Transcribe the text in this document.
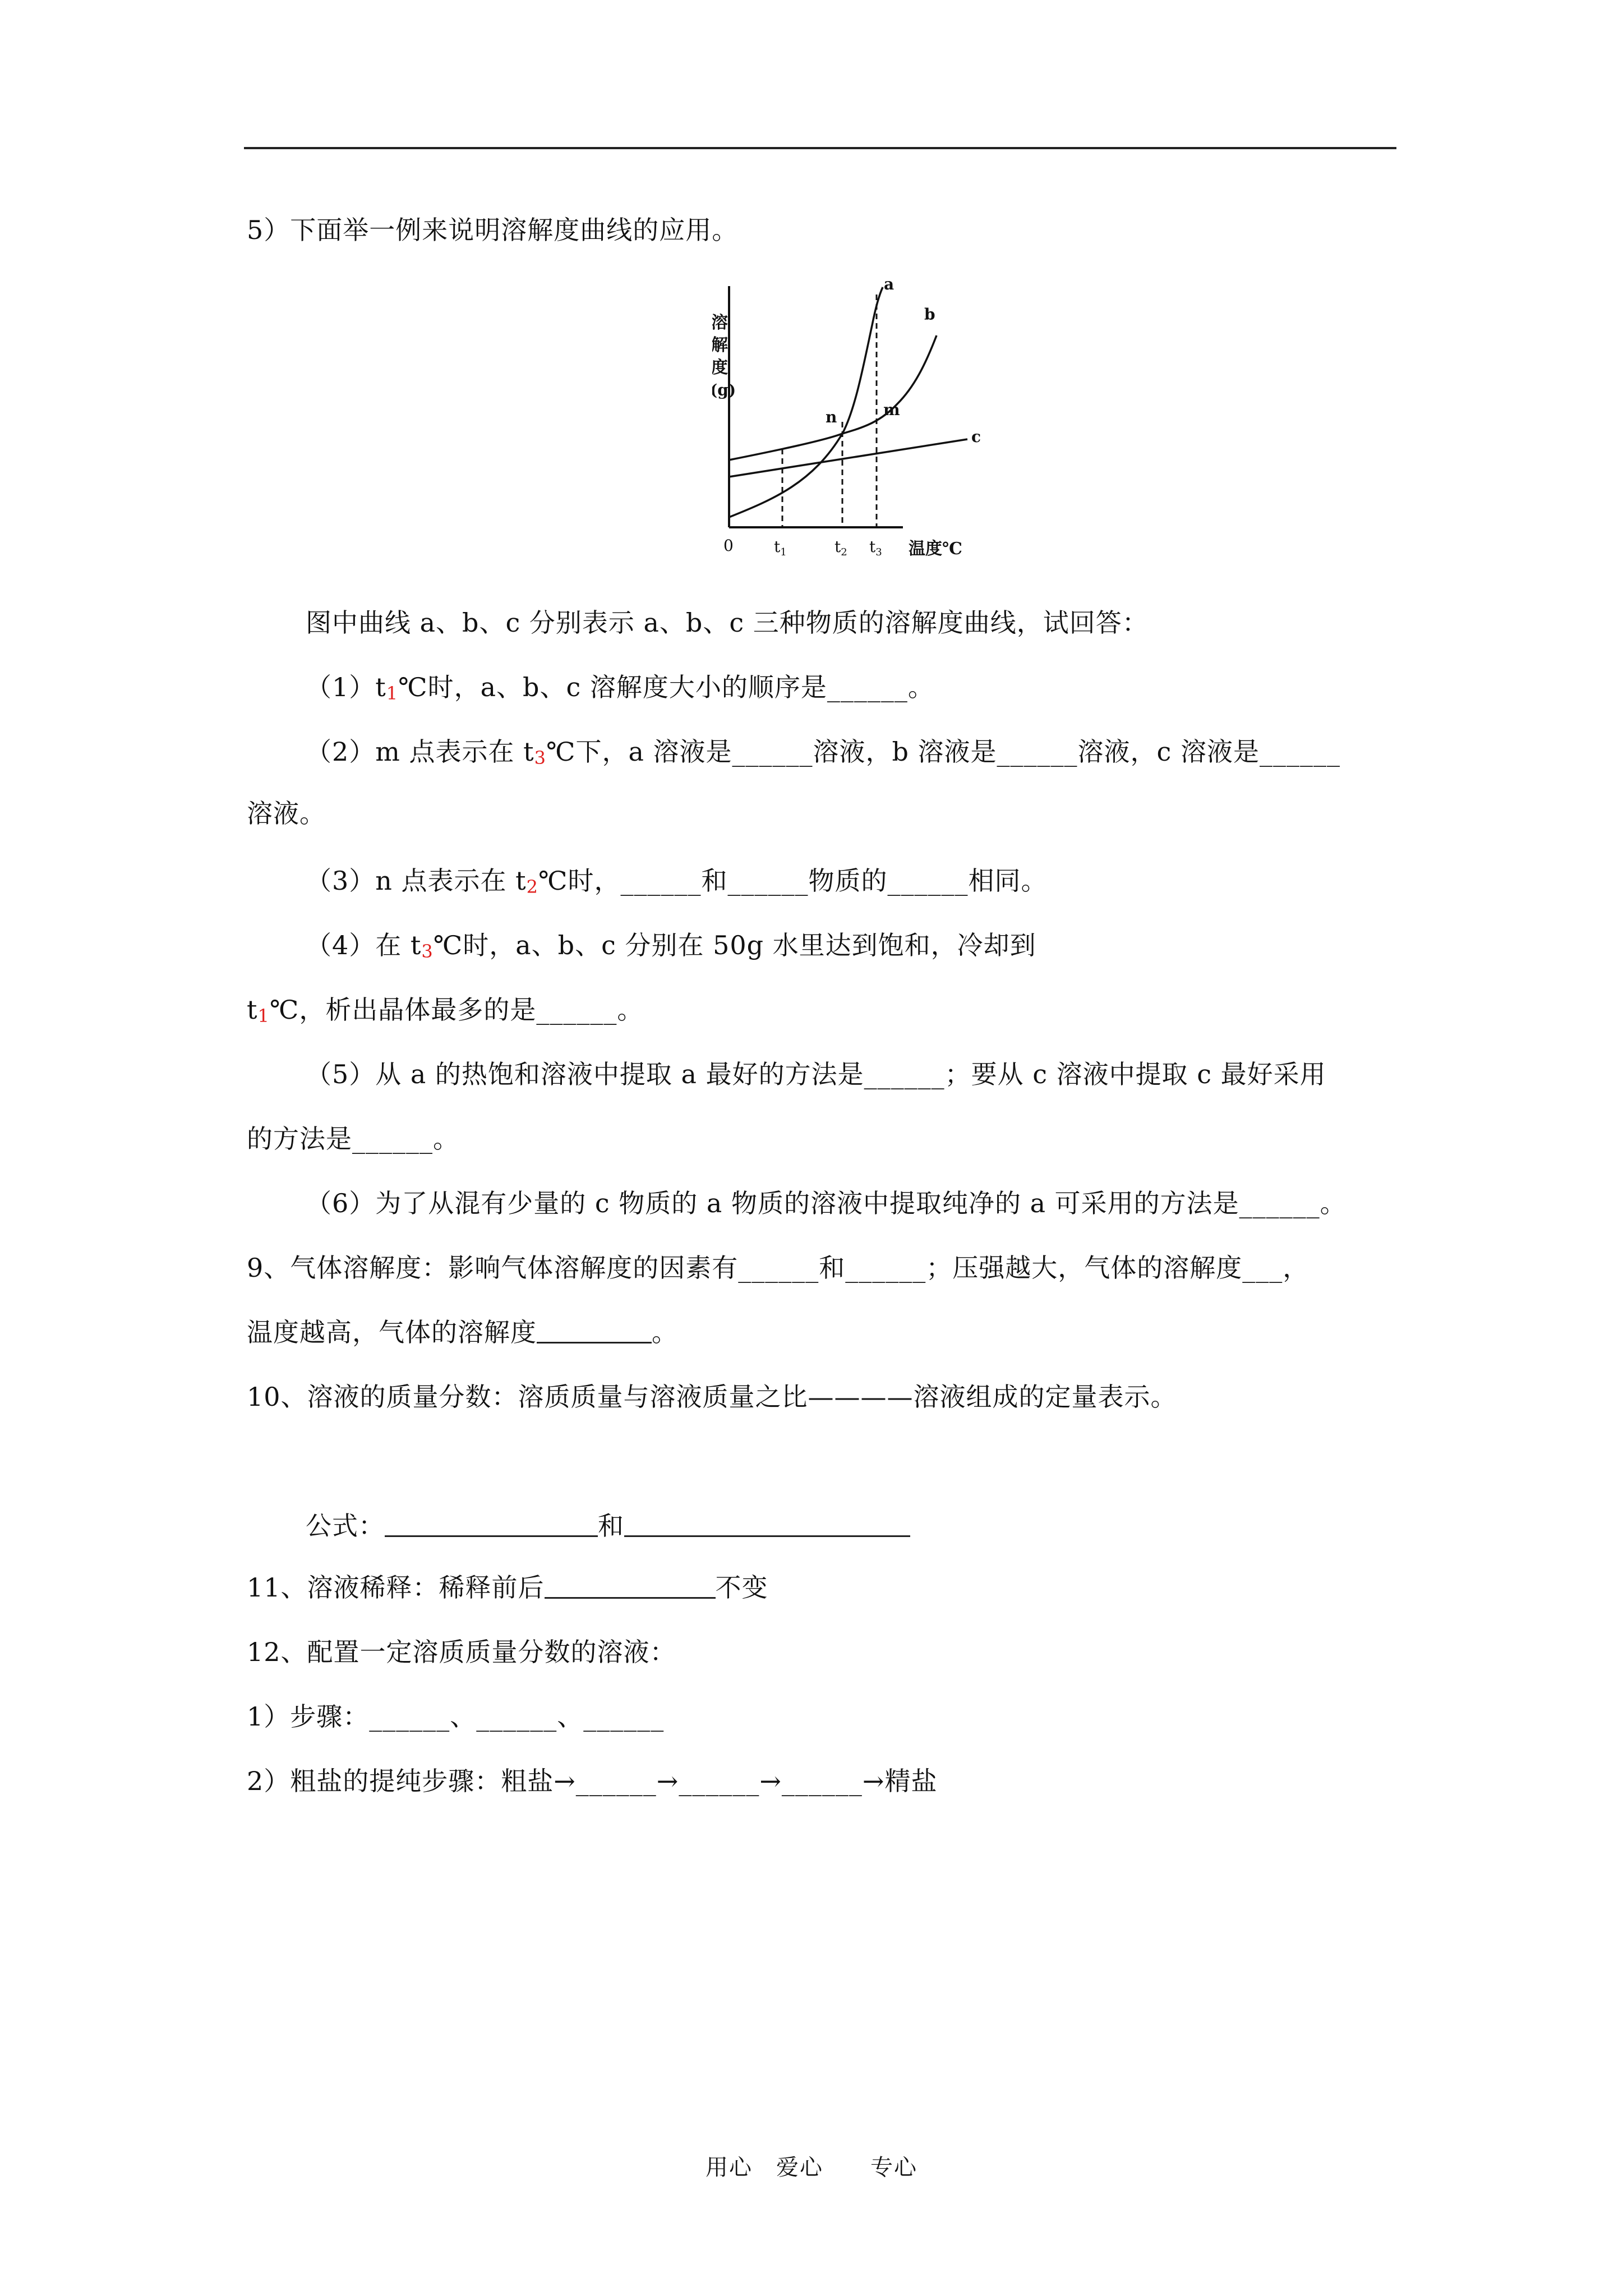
5）下面举一例来说明溶解度曲线的应用。
溶
解
度
(g)
a
b
c
n	m
0	$t_1$	$t_2$ $t_3$ 温度℃
图中曲线 a、b、c 分别表示 a、b、c 三种物质的溶解度曲线，试回答：
（1）t1℃时，a、b、c 溶解度大小的顺序是______。
（2）m 点表示在 t3℃下，a 溶液是______溶液，b 溶液是______溶液，c 溶液是______
溶液。
（3）n 点表示在 t2℃时，______和______物质的______相同。
（4）在 t3℃时，a、b、c 分别在 50g 水里达到饱和，冷却到
t1℃，析出晶体最多的是______。
（5）从 a 的热饱和溶液中提取 a 最好的方法是______；要从 c 溶液中提取 c 最好采用
的方法是______。
（6）为了从混有少量的 c 物质的 a 物质的溶液中提取纯净的 a 可采用的方法是______。
9、气体溶解度：影响气体溶解度的因素有______和______；压强越大，气体的溶解度___，
温度越高，气体的溶解度	。
10、溶液的质量分数：溶质质量与溶液质量之比————溶液组成的定量表示。
公式：	和
11、溶液稀释：稀释前后	不变
12、配置一定溶质质量分数的溶液：
1）步骤：______、______、______
2）粗盐的提纯步骤：粗盐→______→______→______→精盐
用心　爱心　　专心
